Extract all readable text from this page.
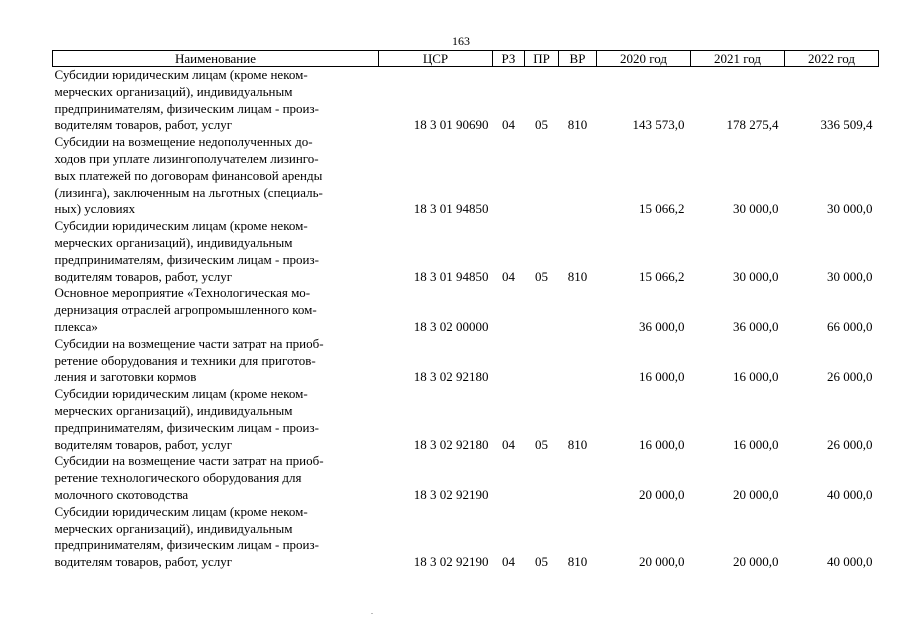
163
Наименование	ЦСР	РЗ	ПР	ВР	2020 год	2021 год	2022 год
Субсидии юридическим лицам (кроме неком-
мерческих организаций), индивидуальным
предпринимателям, физическим лицам - произ-
водителям товаров, работ, услуг	18 3 01 90690	04	05	810	143 573,0	178 275,4	336 509,4
Субсидии на возмещение недополученных до-
ходов при уплате лизингополучателем лизинго-
вых платежей по договорам финансовой аренды
(лизинга), заключенным на льготных (специаль-
ных) условиях	18 3 01 94850				15 066,2	30 000,0	30 000,0
Субсидии юридическим лицам (кроме неком-
мерческих организаций), индивидуальным
предпринимателям, физическим лицам - произ-
водителям товаров, работ, услуг	18 3 01 94850	04	05	810	15 066,2	30 000,0	30 000,0
Основное мероприятие «Технологическая мо-
дернизация отраслей агропромышленного ком-
плекса»	18 3 02 00000				36 000,0	36 000,0	66 000,0
Субсидии на возмещение части затрат на приоб-
ретение оборудования и техники для приготов-
ления и заготовки кормов	18 3 02 92180				16 000,0	16 000,0	26 000,0
Субсидии юридическим лицам (кроме неком-
мерческих организаций), индивидуальным
предпринимателям, физическим лицам - произ-
водителям товаров, работ, услуг	18 3 02 92180	04	05	810	16 000,0	16 000,0	26 000,0
Субсидии на возмещение части затрат на приоб-
ретение технологического оборудования для
молочного скотоводства	18 3 02 92190				20 000,0	20 000,0	40 000,0
Субсидии юридическим лицам (кроме неком-
мерческих организаций), индивидуальным
предпринимателям, физическим лицам - произ-
водителям товаров, работ, услуг	18 3 02 92190	04	05	810	20 000,0	20 000,0	40 000,0
